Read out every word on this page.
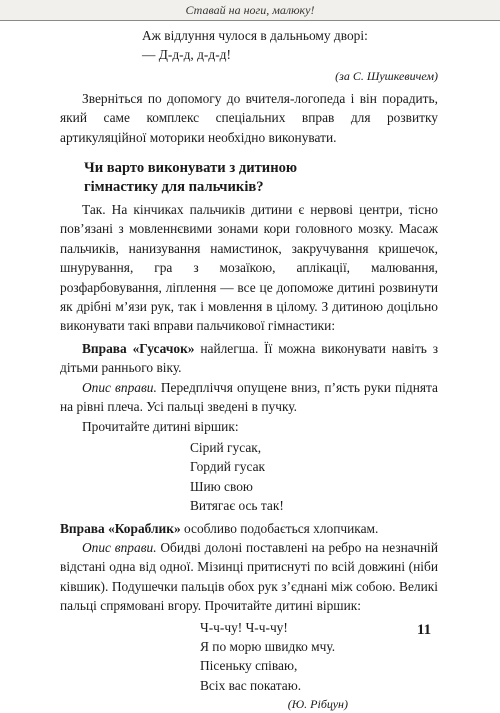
Ставай на ноги, малюку!
Аж відлуння чулося в дальньому дворі:
— Д-д-д, д-д-д!

(за С. Шушкевичем)

Зверніться по допомогу до вчителя-логопеда і він порадить, який саме комплекс спеціальних вправ для розвитку артикуляційної моторики необхідно виконувати.

Чи варто виконувати з дитиною
гімнастику для пальчиків?

Так. На кінчиках пальчиків дитини є нервові центри, тісно пов’язані з мовленнєвими зонами кори головного мозку. Масаж пальчиків, нанизування намистинок, закручування кришечок, шнурування, гра з мозаїкою, аплікації, малювання, розфарбовування, ліплення — все це допоможе дитині розвинути як дрібні м’язи рук, так і мовлення в цілому. З дитиною доцільно виконувати такі вправи пальчикової гімнастики:

Вправа «Гусачок» найлегша. Її можна виконувати навіть з дітьми раннього віку.

Опис вправи. Передпліччя опущене вниз, п’ясть руки піднята на рівні плеча. Усі пальці зведені в пучку.

Прочитайте дитині віршик:

Сірий гусак,
Гордий гусак
Шию свою
Витягає ось так!

Вправа «Кораблик» особливо подобається хлопчикам.

Опис вправи. Обидві долоні поставлені на ребро на незначній відстані одна від одної. Мізинці притиснуті по всій довжині (ніби ківшик). Подушечки пальців обох рук з’єднані між собою. Великі пальці спрямовані вгору. Прочитайте дитині віршик:

Ч-ч-чу! Ч-ч-чу!
Я по морю швидко мчу.
Пісеньку співаю,
Всіх вас покатаю.

(Ю. Рібцун)

11
